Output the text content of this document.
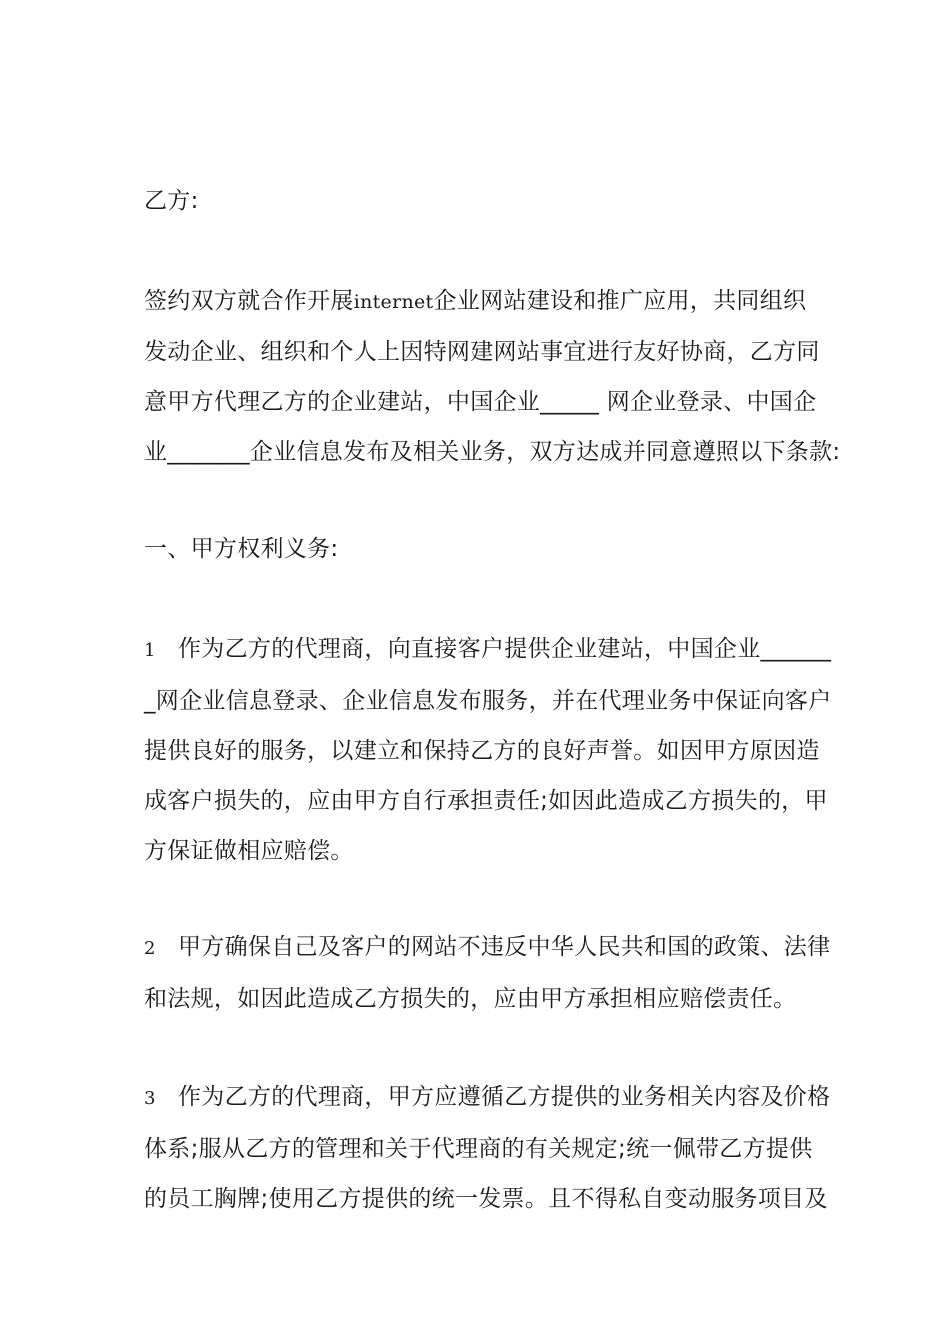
乙方:

签约双方就合作开展internet企业网站建设和推广应用，共同组织
发动企业、组织和个人上因特网建网站事宜进行友好协商，乙方同
意甲方代理乙方的企业建站，中国企业_____ 网企业登录、中国企
业_______企业信息发布及相关业务，双方达成并同意遵照以下条款:

一、甲方权利义务:

1 作为乙方的代理商，向直接客户提供企业建站，中国企业______
_网企业信息登录、企业信息发布服务，并在代理业务中保证向客户
提供良好的服务，以建立和保持乙方的良好声誉。如因甲方原因造
成客户损失的，应由甲方自行承担责任;如因此造成乙方损失的，甲
方保证做相应赔偿。
2 甲方确保自己及客户的网站不违反中华人民共和国的政策、法律
和法规，如因此造成乙方损失的，应由甲方承担相应赔偿责任。
3 作为乙方的代理商，甲方应遵循乙方提供的业务相关内容及价格
体系;服从乙方的管理和关于代理商的有关规定;统一佩带乙方提供
的员工胸牌;使用乙方提供的统一发票。且不得私自变动服务项目及
